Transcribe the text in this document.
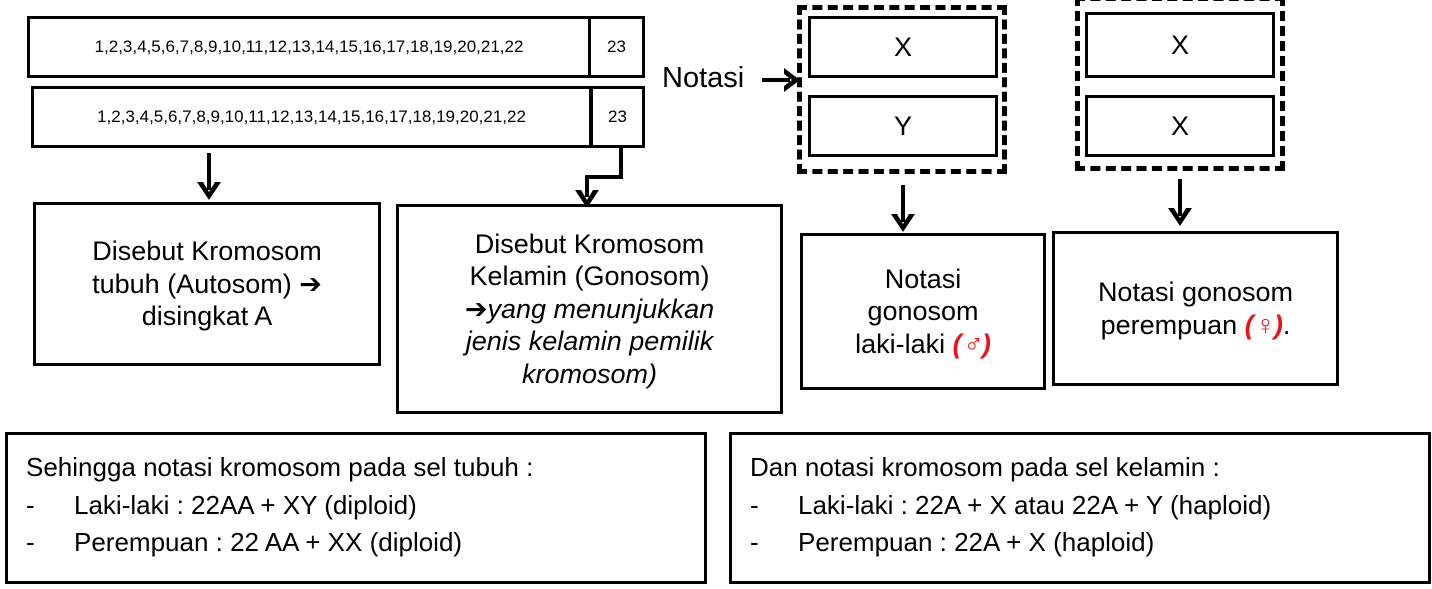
1,2,3,4,5,6,7,8,9,10,11,12,13,14,15,16,17,18,19,20,21,22	23
1,2,3,4,5,6,7,8,9,10,11,12,13,14,15,16,17,18,19,20,21,22	23
Notasi
X
Y
X
X
Disebut Kromosom
tubuh (Autosom) ➔
disingkat A
Disebut Kromosom
Kelamin (Gonosom)
➔yang menunjukkan
jenis kelamin pemilik
kromosom)
Notasi
gonosom
laki-laki (♂)
Notasi gonosom
perempuan (♀).
Sehingga notasi kromosom pada sel tubuh :
-	Laki-laki : 22AA + XY (diploid)
-	Perempuan : 22 AA + XX (diploid)
Dan notasi kromosom pada sel kelamin :
-	Laki-laki : 22A + X atau 22A + Y (haploid)
-	Perempuan : 22A + X (haploid)
